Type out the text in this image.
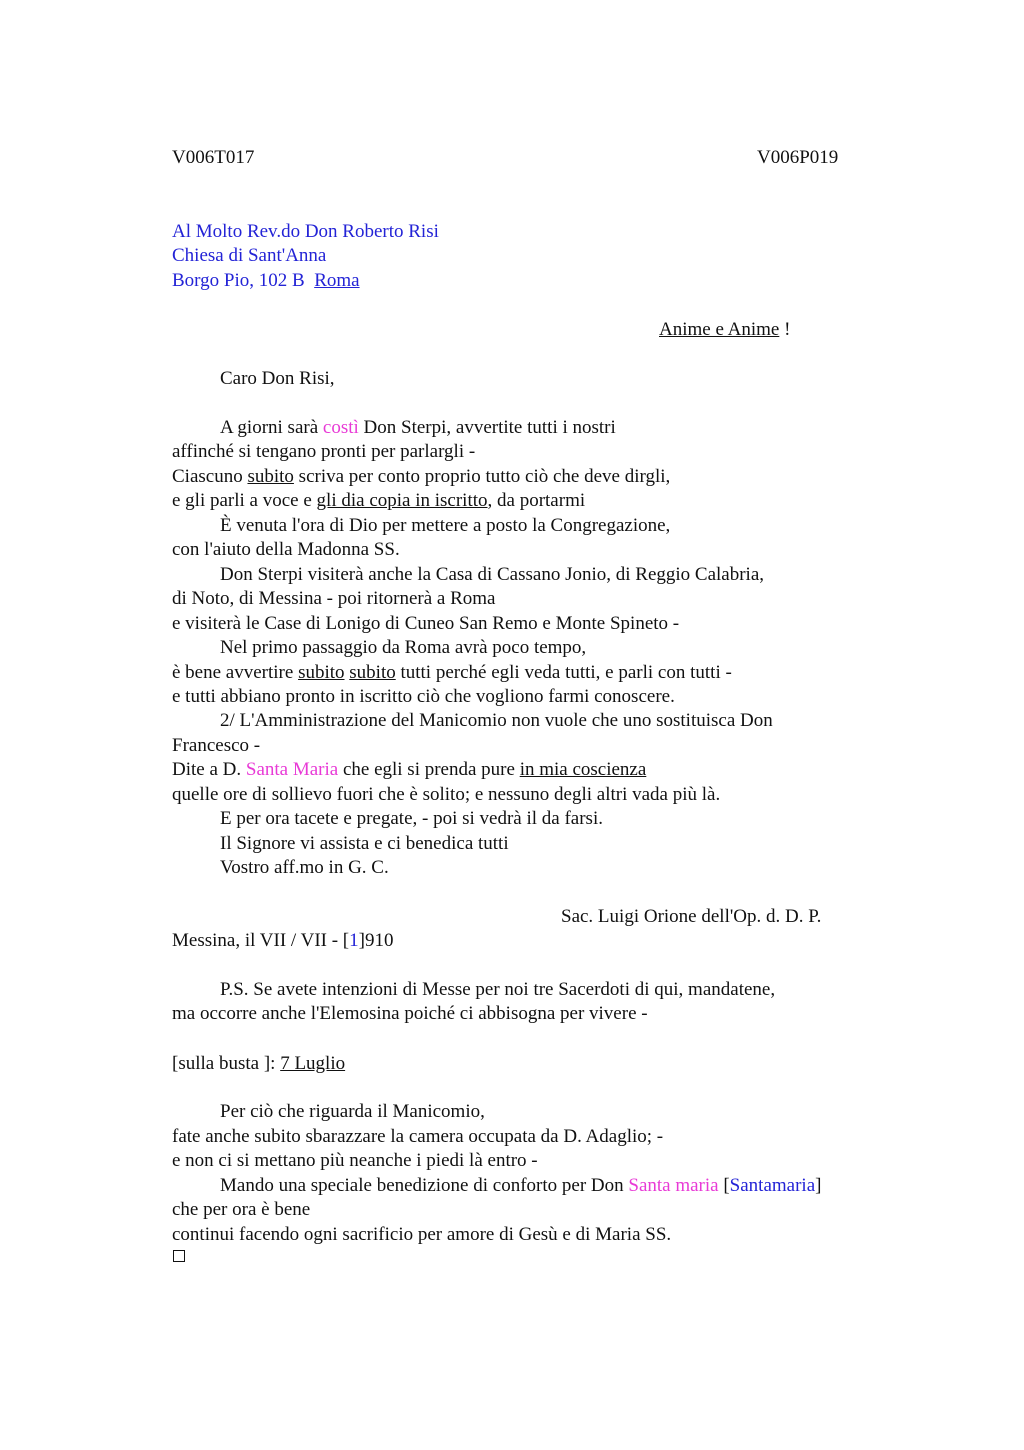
V006T017	V006P019
Al Molto Rev.do Don Roberto Risi
Chiesa di Sant'Anna
Borgo Pio, 102 B Roma
Anime e Anime !
Caro Don Risi,
A giorni sarà costì Don Sterpi, avvertite tutti i nostri
affinché si tengano pronti per parlargli -
Ciascuno subito scriva per conto proprio tutto ciò che deve dirgli,
e gli parli a voce e gli dia copia in iscritto, da portarmi
È venuta l'ora di Dio per mettere a posto la Congregazione,
con l'aiuto della Madonna SS.
Don Sterpi visiterà anche la Casa di Cassano Jonio, di Reggio Calabria,
di Noto, di Messina - poi ritornerà a Roma
e visiterà le Case di Lonigo di Cuneo San Remo e Monte Spineto -
Nel primo passaggio da Roma avrà poco tempo,
è bene avvertire subito subito tutti perché egli veda tutti, e parli con tutti -
e tutti abbiano pronto in iscritto ciò che vogliono farmi conoscere.
2/ L'Amministrazione del Manicomio non vuole che uno sostituisca Don
Francesco -
Dite a D. Santa Maria che egli si prenda pure in mia coscienza
quelle ore di sollievo fuori che è solito; e nessuno degli altri vada più là.
E per ora tacete e pregate, - poi si vedrà il da farsi.
Il Signore vi assista e ci benedica tutti
Vostro aff.mo in G. C.
Sac. Luigi Orione dell'Op. d. D. P.
Messina, il VII / VII - [1]910
P.S. Se avete intenzioni di Messe per noi tre Sacerdoti di qui, mandatene,
ma occorre anche l'Elemosina poiché ci abbisogna per vivere -
[sulla busta ]: 7 Luglio
Per ciò che riguarda il Manicomio,
fate anche subito sbarazzare la camera occupata da D. Adaglio; -
e non ci si mettano più neanche i piedi là entro -
Mando una speciale benedizione di conforto per Don Santa maria [Santamaria]
che per ora è bene
continui facendo ogni sacrificio per amore di Gesù e di Maria SS.
